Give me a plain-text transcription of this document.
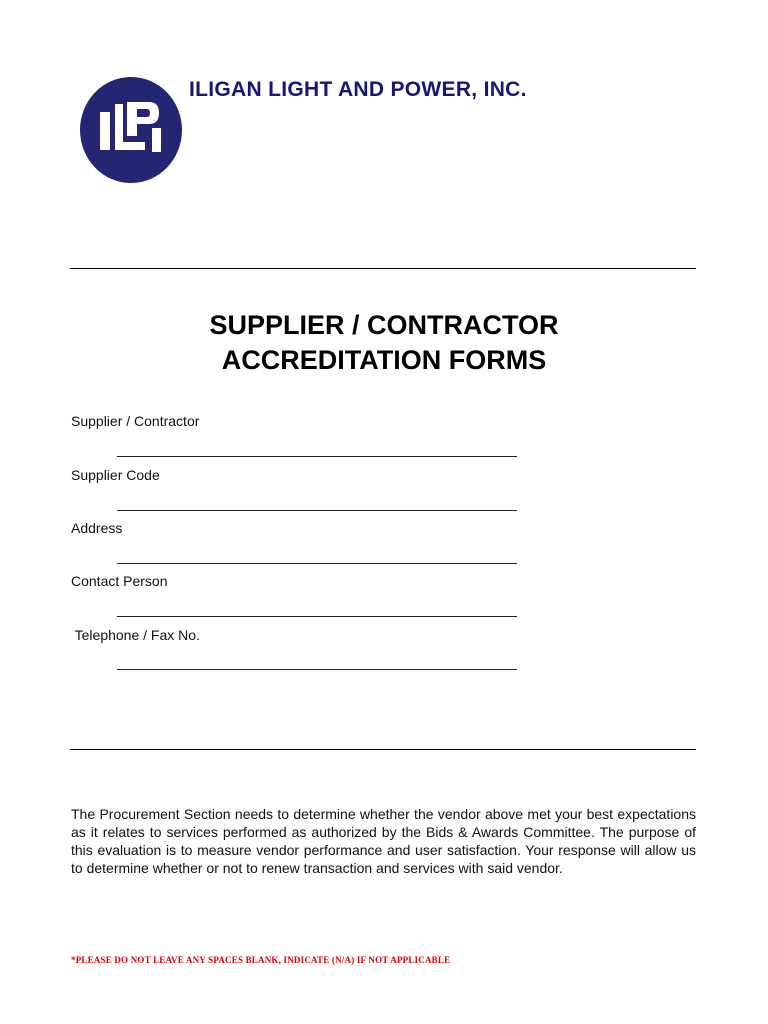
ILIGAN LIGHT AND POWER, INC.
SUPPLIER / CONTRACTOR
ACCREDITATION FORMS
Supplier / Contractor
Supplier Code
Address
Contact Person
Telephone / Fax No.
The Procurement Section needs to determine whether the vendor above met your best expectations as it relates to services performed as authorized by the Bids & Awards Committee. The purpose of this evaluation is to measure vendor performance and user satisfaction. Your response will allow us to determine whether or not to renew transaction and services with said vendor.
*PLEASE DO NOT LEAVE ANY SPACES BLANK, INDICATE (N/A) IF NOT APPLICABLE
